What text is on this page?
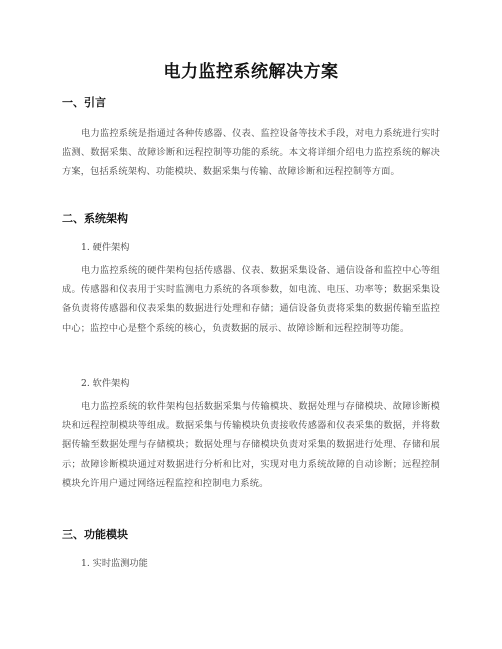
电力监控系统解决方案
一、引言
电力监控系统是指通过各种传感器、仪表、监控设备等技术手段，对电力系统进行实时监测、数据采集、故障诊断和远程控制等功能的系统。本文将详细介绍电力监控系统的解决方案，包括系统架构、功能模块、数据采集与传输、故障诊断和远程控制等方面。
二、系统架构
1. 硬件架构
电力监控系统的硬件架构包括传感器、仪表、数据采集设备、通信设备和监控中心等组成。传感器和仪表用于实时监测电力系统的各项参数，如电流、电压、功率等；数据采集设备负责将传感器和仪表采集的数据进行处理和存储；通信设备负责将采集的数据传输至监控中心；监控中心是整个系统的核心，负责数据的展示、故障诊断和远程控制等功能。
2. 软件架构
电力监控系统的软件架构包括数据采集与传输模块、数据处理与存储模块、故障诊断模块和远程控制模块等组成。数据采集与传输模块负责接收传感器和仪表采集的数据，并将数据传输至数据处理与存储模块；数据处理与存储模块负责对采集的数据进行处理、存储和展示；故障诊断模块通过对数据进行分析和比对，实现对电力系统故障的自动诊断；远程控制模块允许用户通过网络远程监控和控制电力系统。
三、功能模块
1. 实时监测功能
